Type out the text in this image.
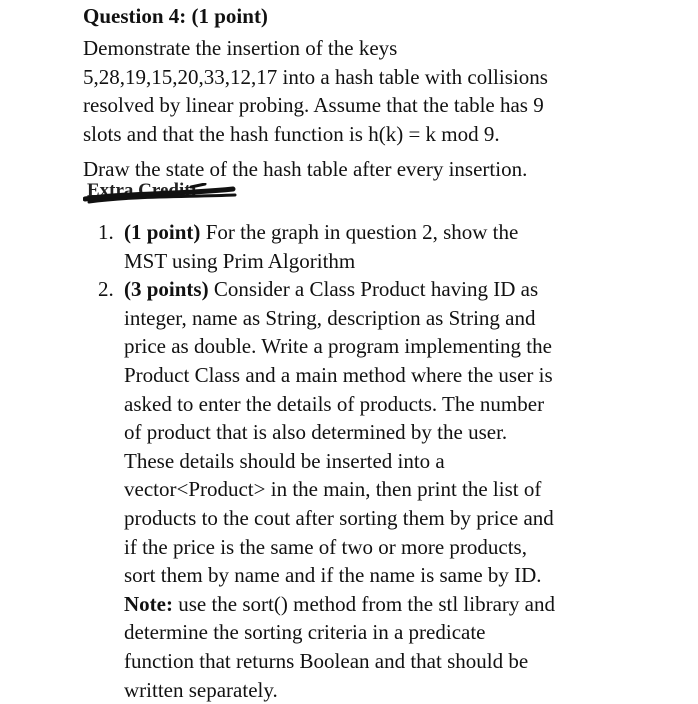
Question 4: (1 point)
Demonstrate the insertion of the keys
5,28,19,15,20,33,12,17 into a hash table with collisions
resolved by linear probing. Assume that the table has 9
slots and that the hash function is h(k) = k mod 9.
Draw the state of the hash table after every insertion.
Extra Credit:
1. (1 point) For the graph in question 2, show the
MST using Prim Algorithm
2. (3 points) Consider a Class Product having ID as
integer, name as String, description as String and
price as double. Write a program implementing the
Product Class and a main method where the user is
asked to enter the details of products. The number
of product that is also determined by the user.
These details should be inserted into a
vector<Product> in the main, then print the list of
products to the cout after sorting them by price and
if the price is the same of two or more products,
sort them by name and if the name is same by ID.
Note: use the sort() method from the stl library and
determine the sorting criteria in a predicate
function that returns Boolean and that should be
written separately.
